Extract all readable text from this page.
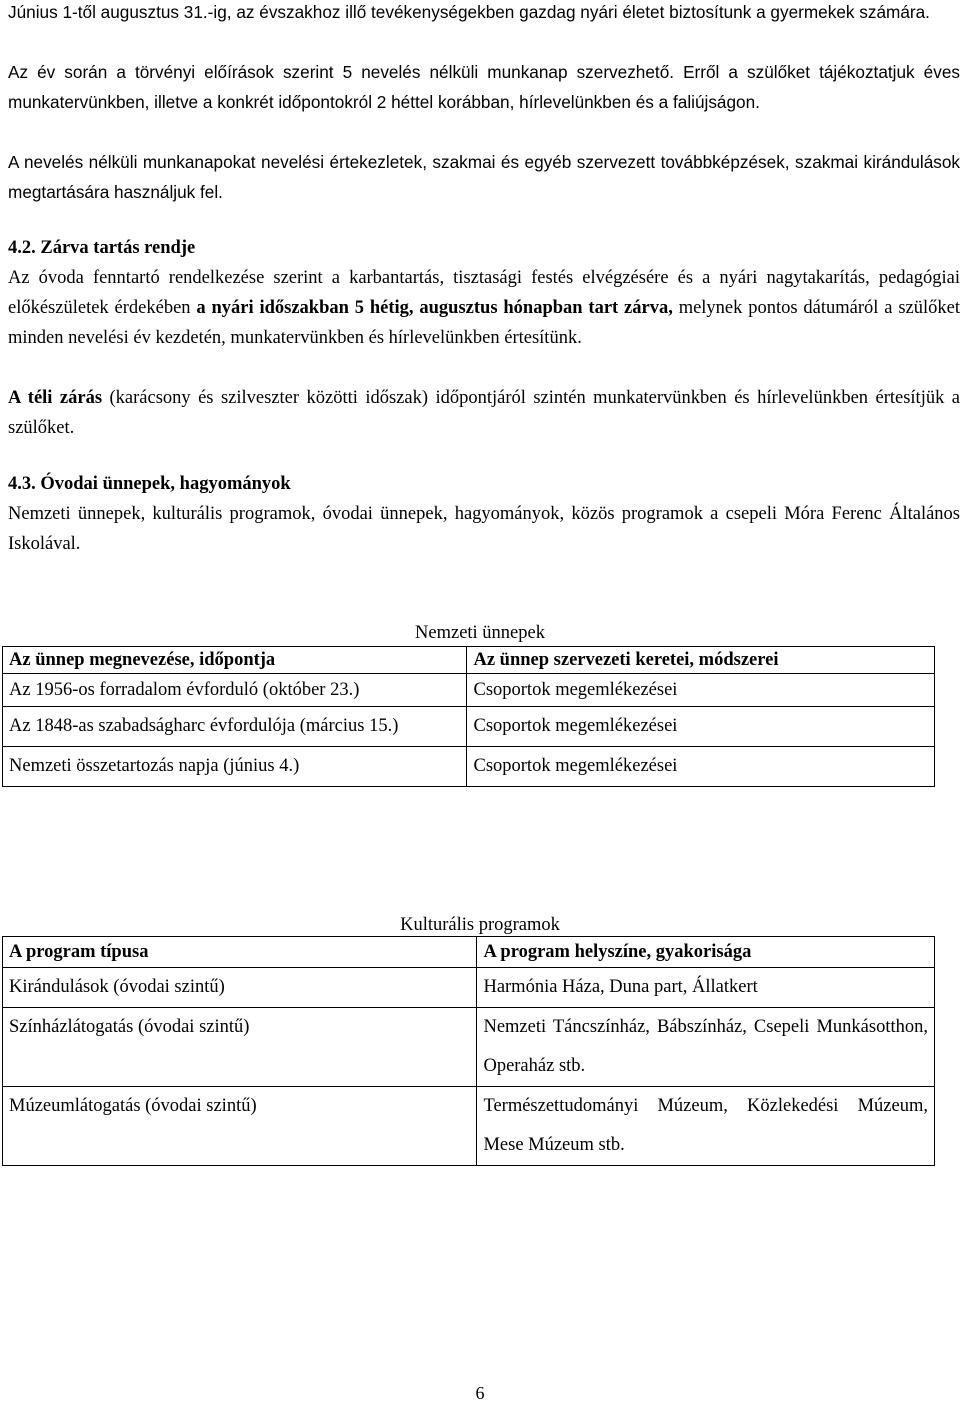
Június 1-től augusztus 31.-ig, az évszakhoz illő tevékenységekben gazdag nyári életet biztosítunk a gyermekek számára.

Az év során a törvényi előírások szerint 5 nevelés nélküli munkanap szervezhető. Erről a szülőket tájékoztatjuk éves munkatervünkben, illetve a konkrét időpontokról 2 héttel korábban, hírlevelünkben és a faliújságon.

A nevelés nélküli munkanapokat nevelési értekezletek, szakmai és egyéb szervezett továbbképzések, szakmai kirándulások megtartására használjuk fel.

4.2. Zárva tartás rendje

Az óvoda fenntartó rendelkezése szerint a karbantartás, tisztasági festés elvégzésére és a nyári nagytakarítás, pedagógiai előkészületek érdekében a nyári időszakban 5 hétig, augusztus hónapban tart zárva, melynek pontos dátumáról a szülőket minden nevelési év kezdetén, munkatervünkben és hírlevelünkben értesítünk.

A téli zárás (karácsony és szilveszter közötti időszak) időpontjáról szintén munkatervünkben és hírlevelünkben értesítjük a szülőket.

4.3. Óvodai ünnepek, hagyományok

Nemzeti ünnepek, kulturális programok, óvodai ünnepek, hagyományok, közös programok a csepeli Móra Ferenc Általános Iskolával.

Nemzeti ünnepek
Az ünnep megnevezése, időpontja	Az ünnep szervezeti keretei, módszerei
Az 1956-os forradalom évforduló (október 23.)	Csoportok megemlékezései
Az 1848-as szabadságharc évfordulója (március 15.)	Csoportok megemlékezései
Nemzeti összetartozás napja (június 4.)	Csoportok megemlékezései
Kulturális programok
A program típusa	A program helyszíne, gyakorisága
Kirándulások (óvodai szintű)	Harmónia Háza, Duna part, Állatkert
Színházlátogatás (óvodai szintű)	Nemzeti Táncszínház, Bábszínház, Csepeli Munkásotthon, Operaház stb.
Múzeumlátogatás (óvodai szintű)	Természettudományi Múzeum, Közlekedési Múzeum, Mese Múzeum stb.
6
